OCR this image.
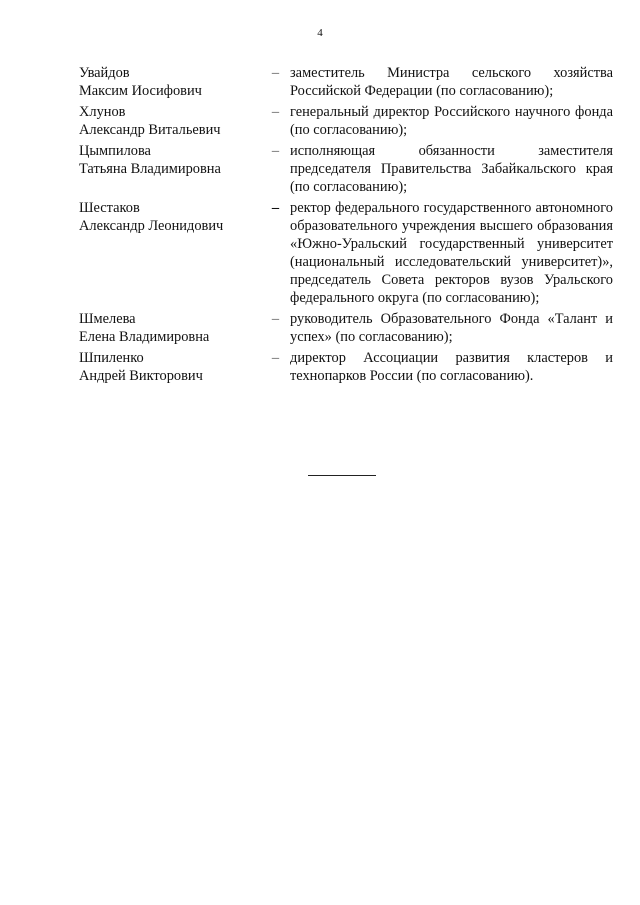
4
Увайдов
Максим Иосифович
– заместитель Министра сельского хозяйства Российской Федерации (по согласованию);
Хлунов
Александр Витальевич
– генеральный директор Российского научного фонда (по согласованию);
Цымпилова
Татьяна Владимировна
– исполняющая обязанности заместителя председателя Правительства Забайкальского края (по согласованию);
Шестаков
Александр Леонидович
– ректор федерального государственного автономного образовательного учреждения высшего образования «Южно-Уральский государственный университет (национальный исследовательский университет)», председатель Совета ректоров вузов Уральского федерального округа (по согласованию);
Шмелева
Елена Владимировна
– руководитель Образовательного Фонда «Талант и успех» (по согласованию);
Шпиленко
Андрей Викторович
– директор Ассоциации развития кластеров и технопарков России (по согласованию).
